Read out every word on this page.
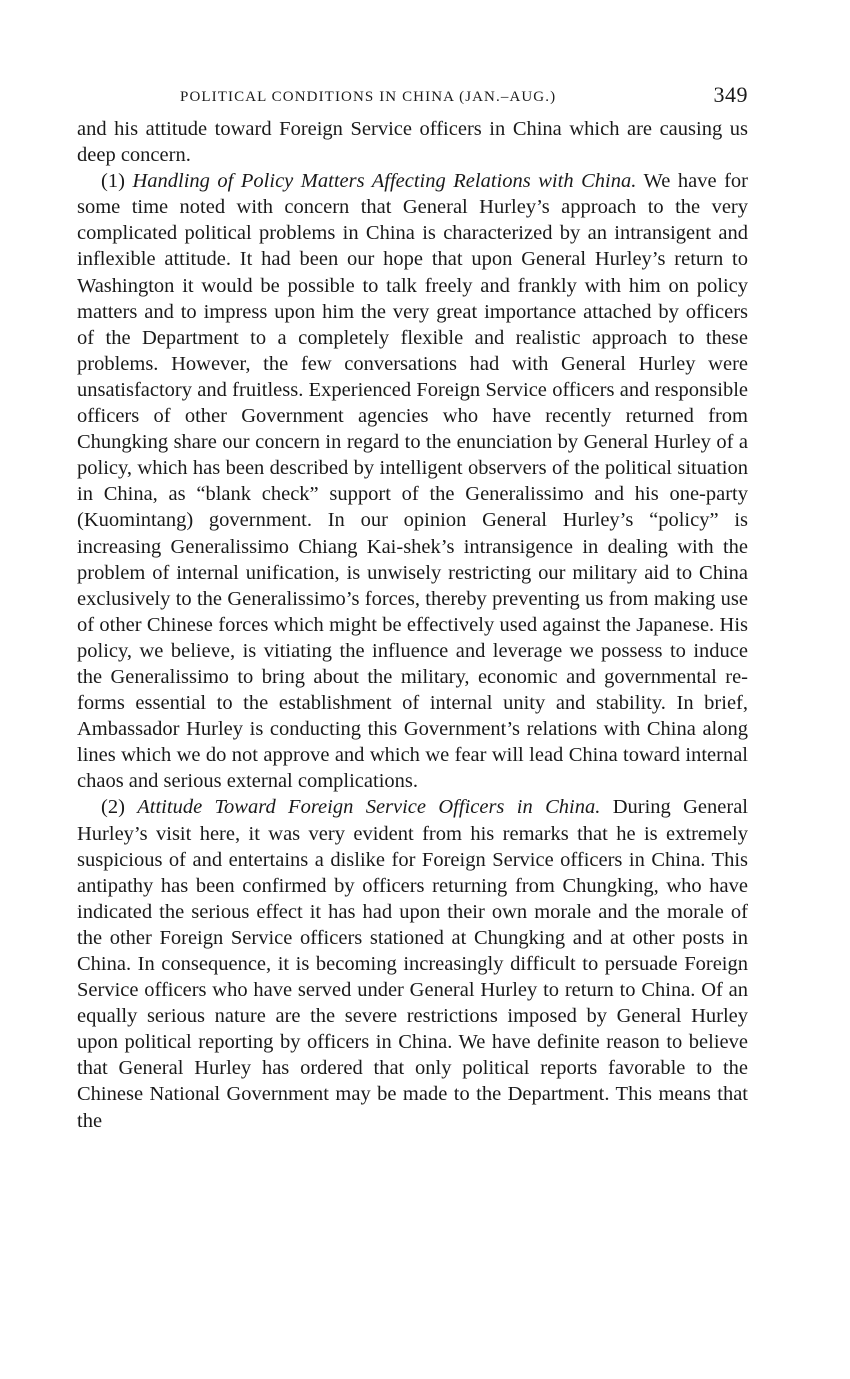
POLITICAL CONDITIONS IN CHINA (JAN.–AUG.)	349

and his attitude toward Foreign Service officers in China which are causing us deep concern.

(1) Handling of Policy Matters Affecting Relations with China. We have for some time noted with concern that General Hurley’s approach to the very complicated political problems in China is characterized by an intransigent and inflexible attitude. It had been our hope that upon General Hurley’s return to Washington it would be possible to talk freely and frankly with him on policy matters and to impress upon him the very great importance attached by officers of the Department to a completely flexible and realistic approach to these problems. However, the few conversations had with General Hurley were unsatisfactory and fruitless. Experienced Foreign Service officers and responsible officers of other Government agencies who have recently returned from Chungking share our concern in regard to the enunciation by General Hurley of a policy, which has been described by intelligent observers of the political situation in China, as “blank check” support of the Generalissimo and his one-party (Kuomintang) government. In our opinion General Hurley’s “policy” is increasing Generalissimo Chiang Kai-shek’s intransigence in dealing with the problem of internal unification, is unwisely restricting our military aid to China exclusively to the Generalissimo’s forces, thereby preventing us from making use of other Chinese forces which might be effectively used against the Japanese. His policy, we believe, is vitiating the influence and leverage we possess to induce the Generalissimo to bring about the military, economic and governmental reforms essential to the establishment of internal unity and stability. In brief, Ambassador Hurley is conducting this Government’s relations with China along lines which we do not approve and which we fear will lead China toward internal chaos and serious external complications.

(2) Attitude Toward Foreign Service Officers in China. During General Hurley’s visit here, it was very evident from his remarks that he is extremely suspicious of and entertains a dislike for Foreign Service officers in China. This antipathy has been confirmed by officers returning from Chungking, who have indicated the serious effect it has had upon their own morale and the morale of the other Foreign Service officers stationed at Chungking and at other posts in China. In consequence, it is becoming increasingly difficult to persuade Foreign Service officers who have served under General Hurley to return to China. Of an equally serious nature are the severe restrictions imposed by General Hurley upon political reporting by officers in China. We have definite reason to believe that General Hurley has ordered that only political reports favorable to the Chinese National Government may be made to the Department. This means that the
